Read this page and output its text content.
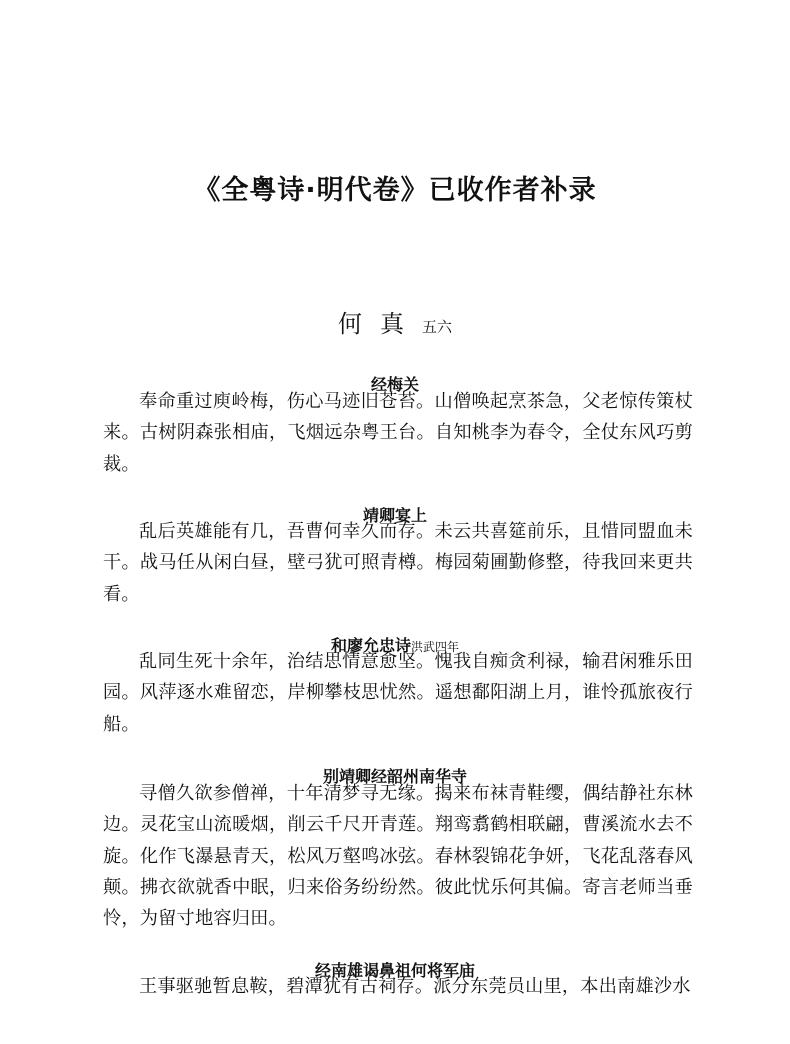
《全粤诗·明代卷》已收作者补录
何真五六
经梅关

奉命重过庾岭梅，伤心马迹旧苍苔。山僧唤起烹茶急，父老惊传策杖来。古树阴森张相庙，飞烟远杂粤王台。自知桃李为春令，全仗东风巧剪裁。

靖卿宴上

乱后英雄能有几，吾曹何幸久而存。未云共喜筵前乐，且惜同盟血未干。战马任从闲白昼，壁弓犹可照青樽。梅园菊圃勤修整，待我回来更共看。

和廖允忠诗洪武四年

乱同生死十余年，治结思情意愈坚。愧我自痴贪利禄，输君闲雅乐田园。风萍逐水难留恋，岸柳攀枝思忧然。遥想鄱阳湖上月，谁怜孤旅夜行船。

别靖卿经韶州南华寺

寻僧久欲参僧禅，十年清梦寻无缘。揭来布袜青鞋缨，偶结静社东林边。灵花宝山流暖烟，削云千尺开青莲。翔鸾翥鹤相联翩，曹溪流水去不旋。化作飞瀑悬青天，松风万壑鸣冰弦。春林裂锦花争妍，飞花乱落春风颠。拂衣欲就香中眠，归来俗务纷纷然。彼此忧乐何其偏。寄言老师当垂怜，为留寸地容归田。

经南雄谒鼻祖何将军庙

王事驱驰暂息鞍，碧潭犹有古祠存。派分东莞员山里，本出南雄沙水
